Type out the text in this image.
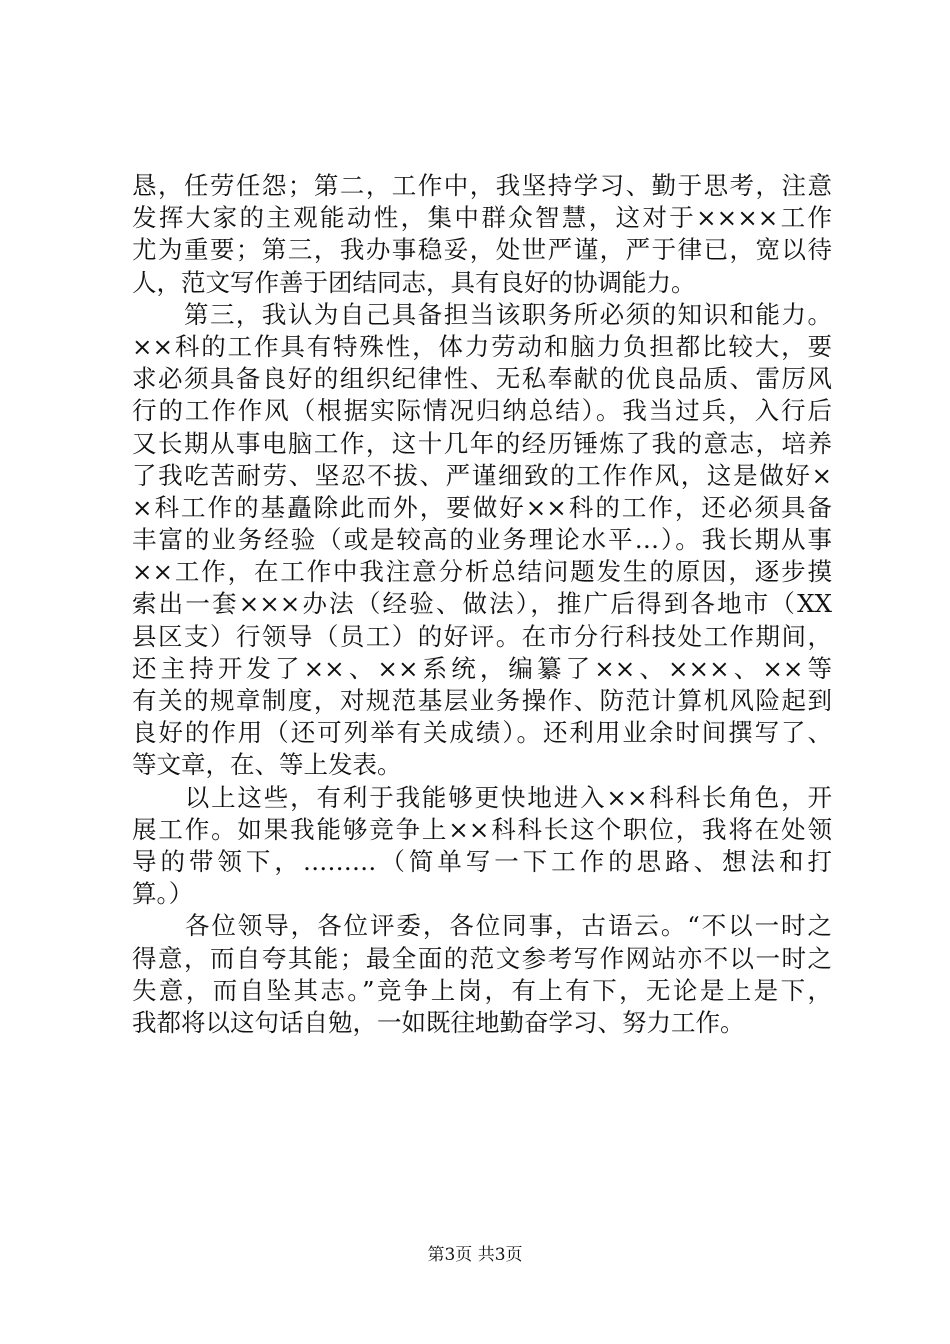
恳，任劳任怨；第二，工作中，我坚持学习、勤于思考，注意
发挥大家的主观能动性，集中群众智慧，这对于××××工作
尤为重要；第三，我办事稳妥，处世严谨，严于律已，宽以待
人，范文写作善于团结同志，具有良好的协调能力。
　　第三，我认为自己具备担当该职务所必须的知识和能力。
××科的工作具有特殊性，体力劳动和脑力负担都比较大，要
求必须具备良好的组织纪律性、无私奉献的优良品质、雷厉风
行的工作作风（根据实际情况归纳总结）。我当过兵，入行后
又长期从事电脑工作，这十几年的经历锤炼了我的意志，培养
了我吃苦耐劳、坚忍不拔、严谨细致的工作作风，这是做好×
×科工作的基矗除此而外，要做好××科的工作，还必须具备
丰富的业务经验（或是较高的业务理论水平…）。我长期从事
××工作，在工作中我注意分析总结问题发生的原因，逐步摸
索出一套×××办法（经验、做法），推广后得到各地市（XX
县区支）行领导（员工）的好评。在市分行科技处工作期间，
还主持开发了××、××系统，编纂了××、×××、××等
有关的规章制度，对规范基层业务操作、防范计算机风险起到
良好的作用（还可列举有关成绩）。还利用业余时间撰写了、
等文章，在、等上发表。
　　以上这些，有利于我能够更快地进入××科科长角色，开
展工作。如果我能够竞争上××科科长这个职位，我将在处领
导的带领下，………（简单写一下工作的思路、想法和打
算。）
　　各位领导，各位评委，各位同事，古语云。“不以一时之
得意，而自夸其能；最全面的范文参考写作网站亦不以一时之
失意，而自坠其志。”竞争上岗，有上有下，无论是上是下，
我都将以这句话自勉，一如既往地勤奋学习、努力工作。
第3页 共3页
